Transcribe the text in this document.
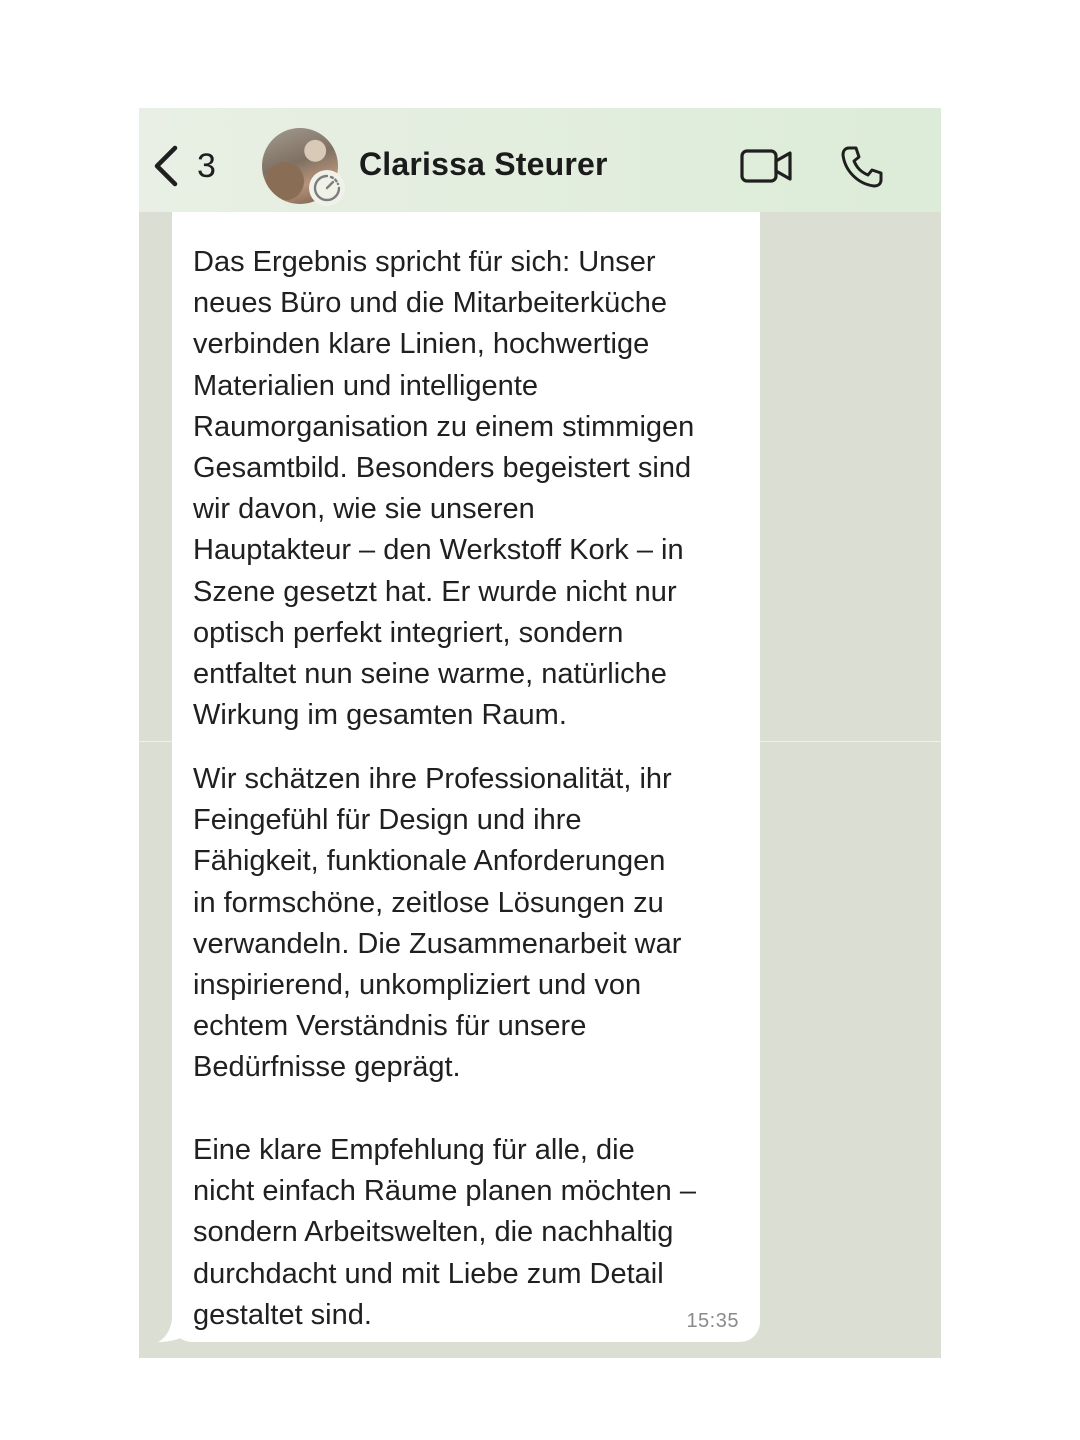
3	Clarissa Steurer
Das Ergebnis spricht für sich: Unser
neues Büro und die Mitarbeiterküche
verbinden klare Linien, hochwertige
Materialien und intelligente
Raumorganisation zu einem stimmigen
Gesamtbild. Besonders begeistert sind
wir davon, wie sie unseren
Hauptakteur – den Werkstoff Kork – in
Szene gesetzt hat. Er wurde nicht nur
optisch perfekt integriert, sondern
entfaltet nun seine warme, natürliche
Wirkung im gesamten Raum.
Wir schätzen ihre Professionalität, ihr
Feingefühl für Design und ihre
Fähigkeit, funktionale Anforderungen
in formschöne, zeitlose Lösungen zu
verwandeln. Die Zusammenarbeit war
inspirierend, unkompliziert und von
echtem Verständnis für unsere
Bedürfnisse geprägt.
Eine klare Empfehlung für alle, die
nicht einfach Räume planen möchten –
sondern Arbeitswelten, die nachhaltig
durchdacht und mit Liebe zum Detail
gestaltet sind.	15:35
